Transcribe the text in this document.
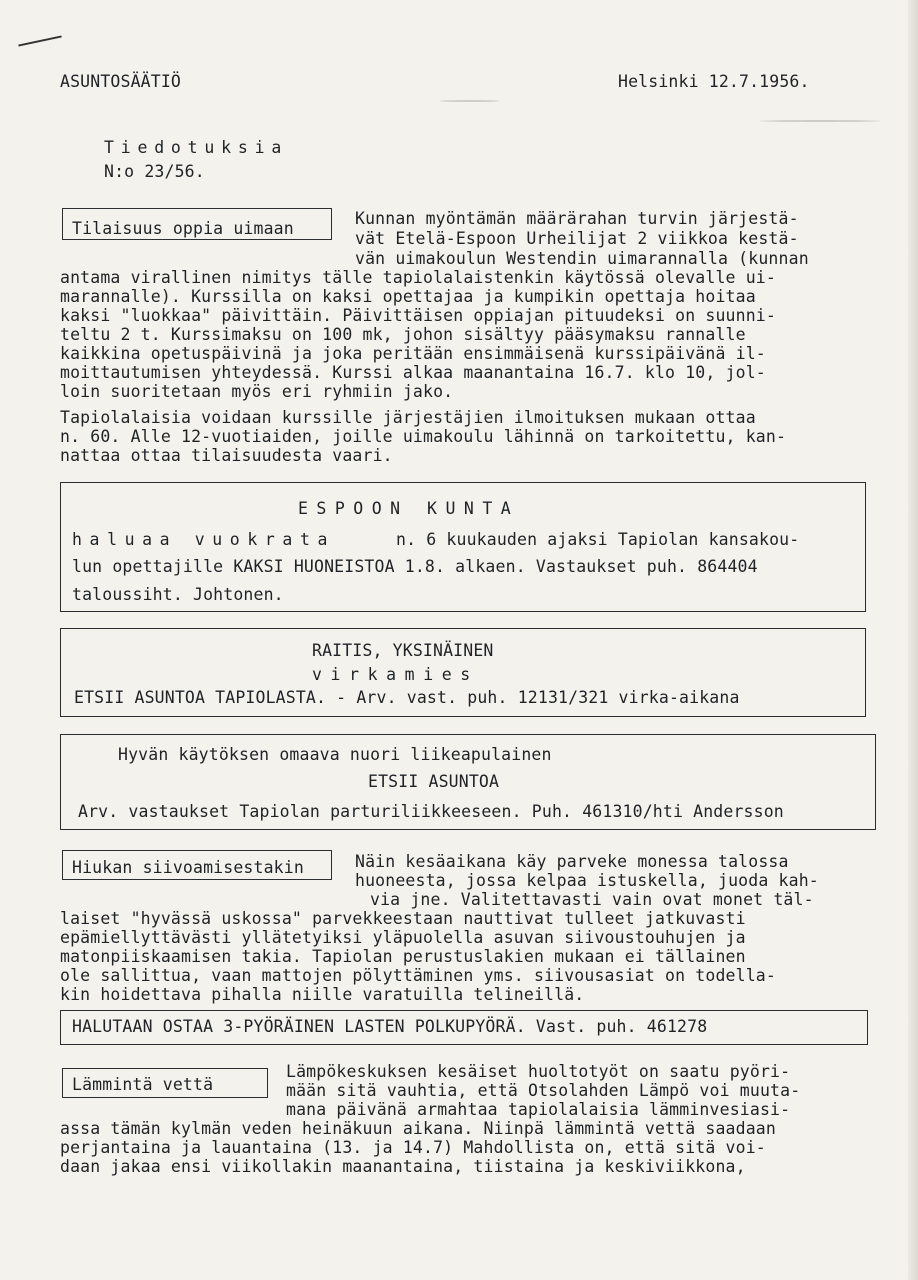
ASUNTOSÄÄTIÖ	Helsinki 12.7.1956.
Tiedotuksia
N:o 23/56.
Tilaisuus oppia uimaan
Kunnan myöntämän määrärahan turvin järjestä-
vät Etelä-Espoon Urheilijat 2 viikkoa kestä-
vän uimakoulun Westendin uimarannalla (kunnan
antama virallinen nimitys tälle tapiolalaistenkin käytössä olevalle ui-
marannalle). Kurssilla on kaksi opettajaa ja kumpikin opettaja hoitaa
kaksi "luokkaa" päivittäin. Päivittäisen oppiajan pituudeksi on suunni-
teltu 2 t. Kurssimaksu on 100 mk, johon sisältyy pääsymaksu rannalle
kaikkina opetuspäivinä ja joka peritään ensimmäisenä kurssipäivänä il-
moittautumisen yhteydessä. Kurssi alkaa maanantaina 16.7. klo 10, jol-
loin suoritetaan myös eri ryhmiin jako.
Tapiolalaisia voidaan kurssille järjestäjien ilmoituksen mukaan ottaa
n. 60. Alle 12-vuotiaiden, joille uimakoulu lähinnä on tarkoitettu, kan-
nattaa ottaa tilaisuudesta vaari.
ESPOON KUNTA
haluaa vuokrata	n. 6 kuukauden ajaksi Tapiolan kansakou-
lun opettajille KAKSI HUONEISTOA 1.8. alkaen. Vastaukset puh. 864404
taloussiht. Johtonen.
RAITIS, YKSINÄINEN
virkamies
ETSII ASUNTOA TAPIOLASTA. - Arv. vast. puh. 12131/321 virka-aikana
Hyvän käytöksen omaava nuori liikeapulainen
ETSII ASUNTOA
Arv. vastaukset Tapiolan parturiliikkeeseen. Puh. 461310/hti Andersson
Hiukan siivoamisestakin	Näin kesäaikana käy parveke monessa talossa
huoneesta, jossa kelpaa istuskella, juoda kah-
via jne. Valitettavasti vain ovat monet täl-
laiset "hyvässä uskossa" parvekkeestaan nauttivat tulleet jatkuvasti
epämiellyttävästi yllätetyiksi yläpuolella asuvan siivoustouhujen ja
matonpiiskaamisen takia. Tapiolan perustuslakien mukaan ei tällainen
ole sallittua, vaan mattojen pölyttäminen yms. siivousasiat on todella-
kin hoidettava pihalla niille varatuilla telineillä.
HALUTAAN OSTAA 3-PYÖRÄINEN LASTEN POLKUPYÖRÄ. Vast. puh. 461278
Lämmintä vettä
Lämpökeskuksen kesäiset huoltotyöt on saatu pyöri-
mään sitä vauhtia, että Otsolahden Lämpö voi muuta-
mana päivänä armahtaa tapiolalaisia lämminvesiasi-
assa tämän kylmän veden heinäkuun aikana. Niinpä lämmintä vettä saadaan
perjantaina ja lauantaina (13. ja 14.7) Mahdollista on, että sitä voi-
daan jakaa ensi viikollakin maanantaina, tiistaina ja keskiviikkona,
